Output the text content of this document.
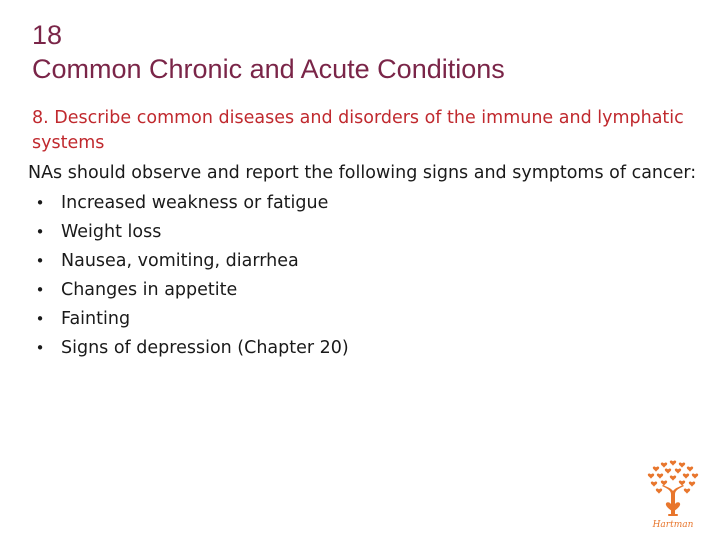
18
Common Chronic and Acute Conditions
8. Describe common diseases and disorders of the immune and lymphatic systems
NAs should observe and report the following signs and symptoms of cancer:
• Increased weakness or fatigue
• Weight loss
• Nausea, vomiting, diarrhea
• Changes in appetite
• Fainting
• Signs of depression (Chapter 20)
Hartman
